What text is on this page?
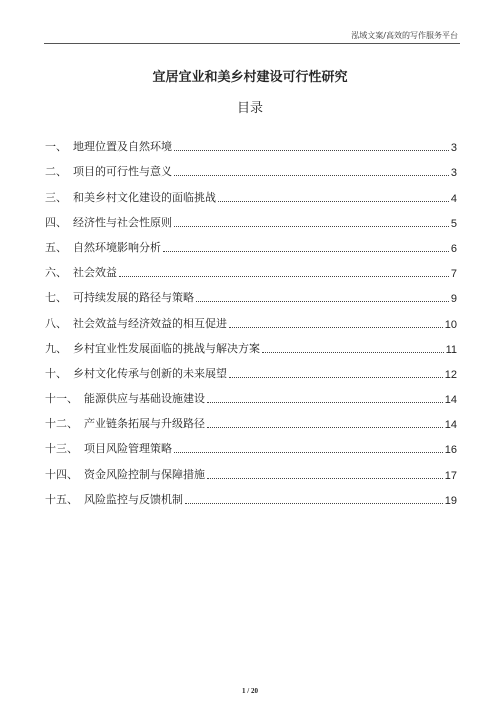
泓域文案/高效的写作服务平台
宜居宜业和美乡村建设可行性研究
目录
一、 地理位置及自然环境	3
二、 项目的可行性与意义	3
三、 和美乡村文化建设的面临挑战	4
四、 经济性与社会性原则	5
五、 自然环境影响分析	6
六、 社会效益	7
七、 可持续发展的路径与策略	9
八、 社会效益与经济效益的相互促进	10
九、 乡村宜业性发展面临的挑战与解决方案	11
十、 乡村文化传承与创新的未来展望	12
十一、 能源供应与基础设施建设	14
十二、 产业链条拓展与升级路径	14
十三、 项目风险管理策略	16
十四、 资金风险控制与保障措施	17
十五、 风险监控与反馈机制	19
1 / 20
